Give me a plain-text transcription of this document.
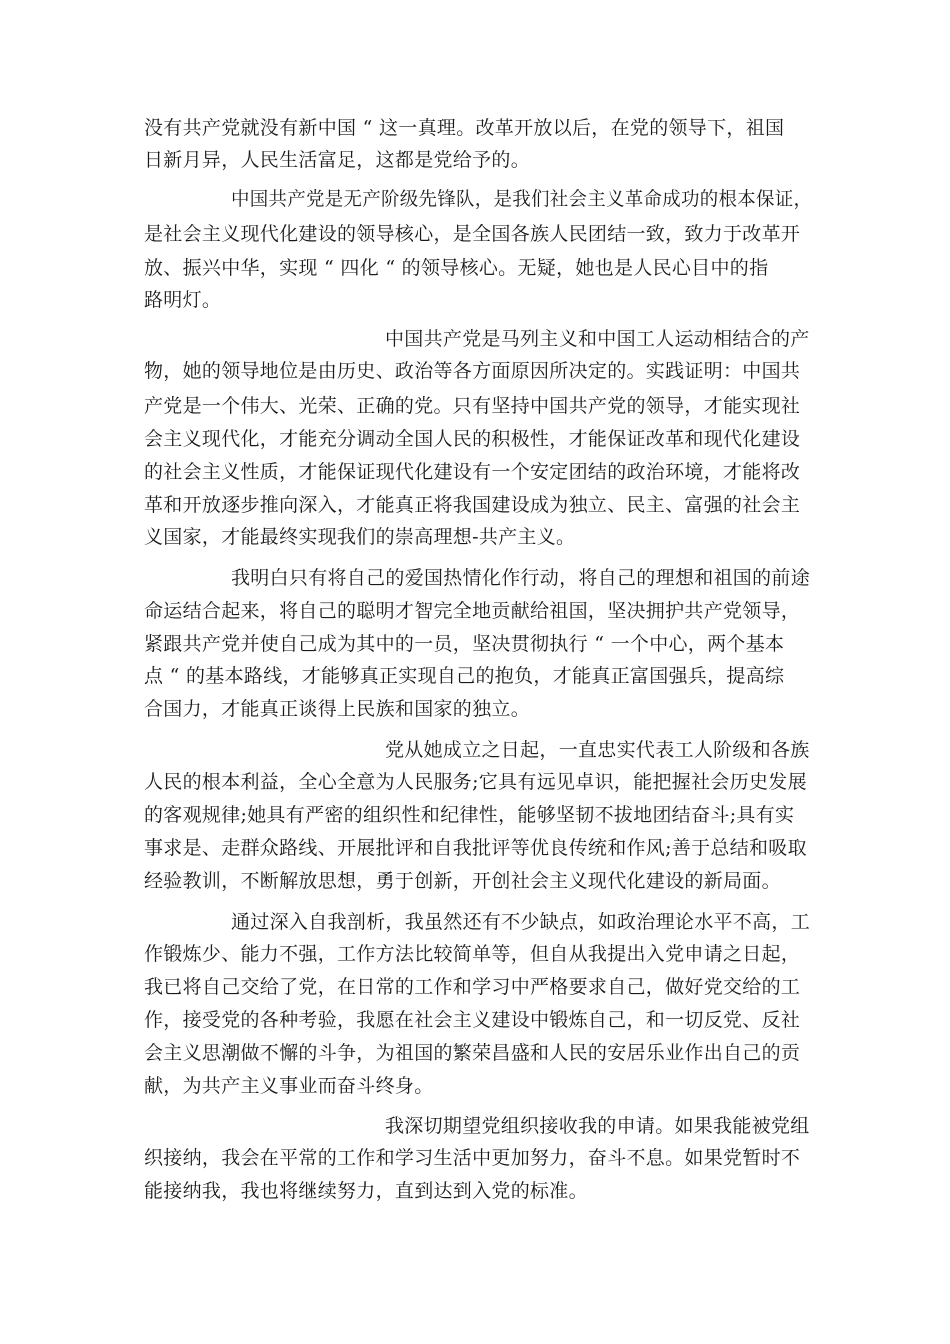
没有共产党就没有新中国 “ 这一真理。改革开放以后，在党的领导下，祖国

日新月异，人民生活富足，这都是党给予的。

中国共产党是无产阶级先锋队，是我们社会主义革命成功的根本保证，

是社会主义现代化建设的领导核心，是全国各族人民团结一致，致力于改革开

放、振兴中华，实现 “ 四化 “ 的领导核心。无疑，她也是人民心目中的指

路明灯。

中国共产党是马列主义和中国工人运动相结合的产

物，她的领导地位是由历史、政治等各方面原因所决定的。实践证明：中国共

产党是一个伟大、光荣、正确的党。只有坚持中国共产党的领导，才能实现社

会主义现代化，才能充分调动全国人民的积极性，才能保证改革和现代化建设

的社会主义性质，才能保证现代化建设有一个安定团结的政治环境，才能将改

革和开放逐步推向深入，才能真正将我国建设成为独立、民主、富强的社会主

义国家，才能最终实现我们的崇高理想-共产主义。

我明白只有将自己的爱国热情化作行动，将自己的理想和祖国的前途

命运结合起来，将自己的聪明才智完全地贡献给祖国，坚决拥护共产党领导，

紧跟共产党并使自己成为其中的一员，坚决贯彻执行 “ 一个中心，两个基本

点 “ 的基本路线，才能够真正实现自己的抱负，才能真正富国强兵，提高综

合国力，才能真正谈得上民族和国家的独立。

党从她成立之日起，一直忠实代表工人阶级和各族

人民的根本利益，全心全意为人民服务;它具有远见卓识，能把握社会历史发展

的客观规律;她具有严密的组织性和纪律性，能够坚韧不拔地团结奋斗;具有实

事求是、走群众路线、开展批评和自我批评等优良传统和作风;善于总结和吸取

经验教训，不断解放思想，勇于创新，开创社会主义现代化建设的新局面。

通过深入自我剖析，我虽然还有不少缺点，如政治理论水平不高，工

作锻炼少、能力不强，工作方法比较简单等，但自从我提出入党申请之日起，

我已将自己交给了党，在日常的工作和学习中严格要求自己，做好党交给的工

作，接受党的各种考验，我愿在社会主义建设中锻炼自己，和一切反党、反社

会主义思潮做不懈的斗争，为祖国的繁荣昌盛和人民的安居乐业作出自己的贡

献，为共产主义事业而奋斗终身。

我深切期望党组织接收我的申请。如果我能被党组

织接纳，我会在平常的工作和学习生活中更加努力，奋斗不息。如果党暂时不

能接纳我，我也将继续努力，直到达到入党的标准。
